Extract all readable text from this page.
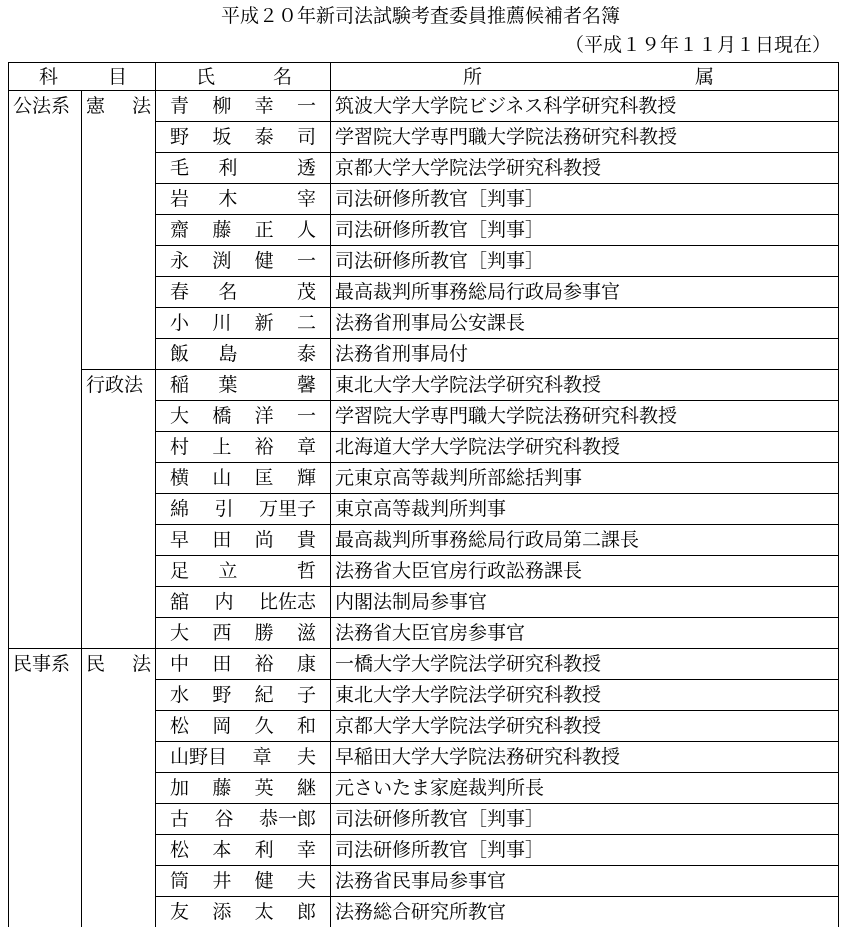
平成２０年新司法試験考査委員推薦候補者名簿
（平成１９年１１月１日現在）
科 目		氏 名	所 属

公法系	憲 法	青 柳 幸 一	筑波大学大学院ビジネス科学研究科教授

		野 坂 泰 司	学習院大学専門職大学院法務研究科教授

		毛 利 透	京都大学大学院法学研究科教授

		岩 木 宰	司法研修所教官［判事］

		齋 藤 正 人	司法研修所教官［判事］

		永 渕 健 一	司法研修所教官［判事］

		春 名 茂	最高裁判所事務総局行政局参事官

		小 川 新 二	法務省刑事局公安課長

		飯 島 泰	法務省刑事局付

	行政法	稲 葉 馨	東北大学大学院法学研究科教授

		大 橋 洋 一	学習院大学専門職大学院法務研究科教授

		村 上 裕 章	北海道大学大学院法学研究科教授

		横 山 匡 輝	元東京高等裁判所部総括判事

		綿 引 万里子	東京高等裁判所判事

		早 田 尚 貴	最高裁判所事務総局行政局第二課長

		足 立 哲	法務省大臣官房行政訟務課長

		舘 内 比佐志	内閣法制局参事官

		大 西 勝 滋	法務省大臣官房参事官
民事系	民 法	中 田 裕 康	一橋大学大学院法学研究科教授

		水 野 紀 子	東北大学大学院法学研究科教授

		松 岡 久 和	京都大学大学院法学研究科教授

		山野目 章 夫	早稲田大学大学院法務研究科教授

		加 藤 英 継	元さいたま家庭裁判所長

		古 谷 恭一郎	司法研修所教官［判事］

		松 本 利 幸	司法研修所教官［判事］

		筒 井 健 夫	法務省民事局参事官

		友 添 太 郎	法務総合研究所教官
